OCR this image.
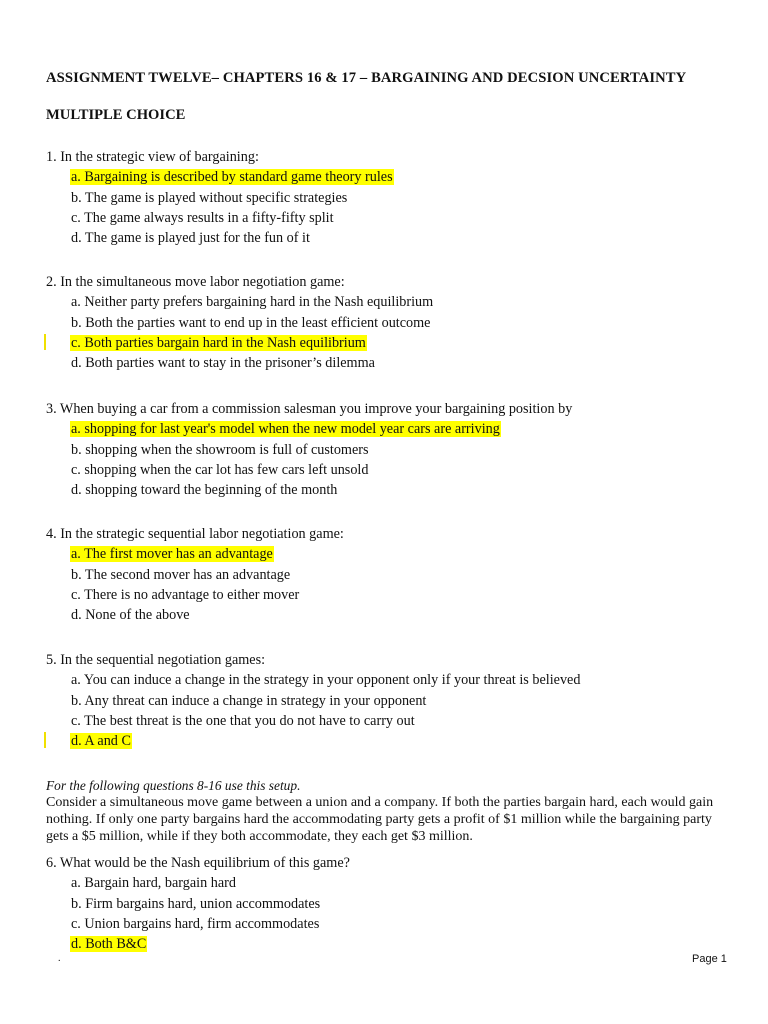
ASSIGNMENT TWELVE– CHAPTERS 16 & 17 – BARGAINING AND DECSION UNCERTAINTY
MULTIPLE CHOICE
1. In the strategic view of bargaining:
a. Bargaining is described by standard game theory rules
b. The game is played without specific strategies
c. The game always results in a fifty-fifty split
d. The game is played just for the fun of it
2. In the simultaneous move labor negotiation game:
a. Neither party prefers bargaining hard in the Nash equilibrium
b. Both the parties want to end up in the least efficient outcome
c. Both parties bargain hard in the Nash equilibrium
d. Both parties want to stay in the prisoner’s dilemma
3. When buying a car from a commission salesman you improve your bargaining position by
a. shopping for last year's model when the new model year cars are arriving
b. shopping when the showroom is full of customers
c. shopping when the car lot has few cars left unsold
d. shopping toward the beginning of the month
4. In the strategic sequential labor negotiation game:
a. The first mover has an advantage
b. The second mover has an advantage
c. There is no advantage to either mover
d. None of the above
5. In the sequential negotiation games:
a. You can induce a change in the strategy in your opponent only if your threat is believed
b. Any threat can induce a change in strategy in your opponent
c. The best threat is the one that you do not have to carry out
d. A and C
For the following questions 8-16 use this setup.
Consider a simultaneous move game between a union and a company. If both the parties bargain hard, each would gain nothing. If only one party bargains hard the accommodating party gets a profit of $1 million while the bargaining party gets a $5 million, while if they both accommodate, they each get $3 million.
6. What would be the Nash equilibrium of this game?
a. Bargain hard, bargain hard
b. Firm bargains hard, union accommodates
c. Union bargains hard, firm accommodates
d. Both B&C
.	Page 1
